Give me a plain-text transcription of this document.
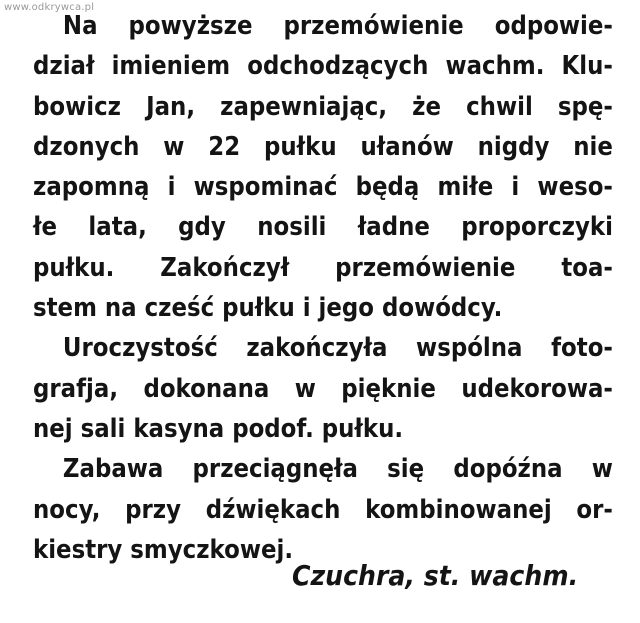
www.odkrywca.pl
Na powyższe przemówienie odpowie-
dział imieniem odchodzących wachm. Klu-
bowicz Jan, zapewniając, że chwil spę-
dzonych w 22 pułku ułanów nigdy nie
zapomną i wspominać będą miłe i weso-
łe lata, gdy nosili ładne proporczyki
pułku. Zakończył przemówienie toa-
stem na cześć pułku i jego dowódcy.
Uroczystość zakończyła wspólna foto-
grafja, dokonana w pięknie udekorowa-
nej sali kasyna podof. pułku.
Zabawa przeciągnęła się dopóźna w
nocy, przy dźwiękach kombinowanej or-
kiestry smyczkowej.
Czuchra, st. wachm.
